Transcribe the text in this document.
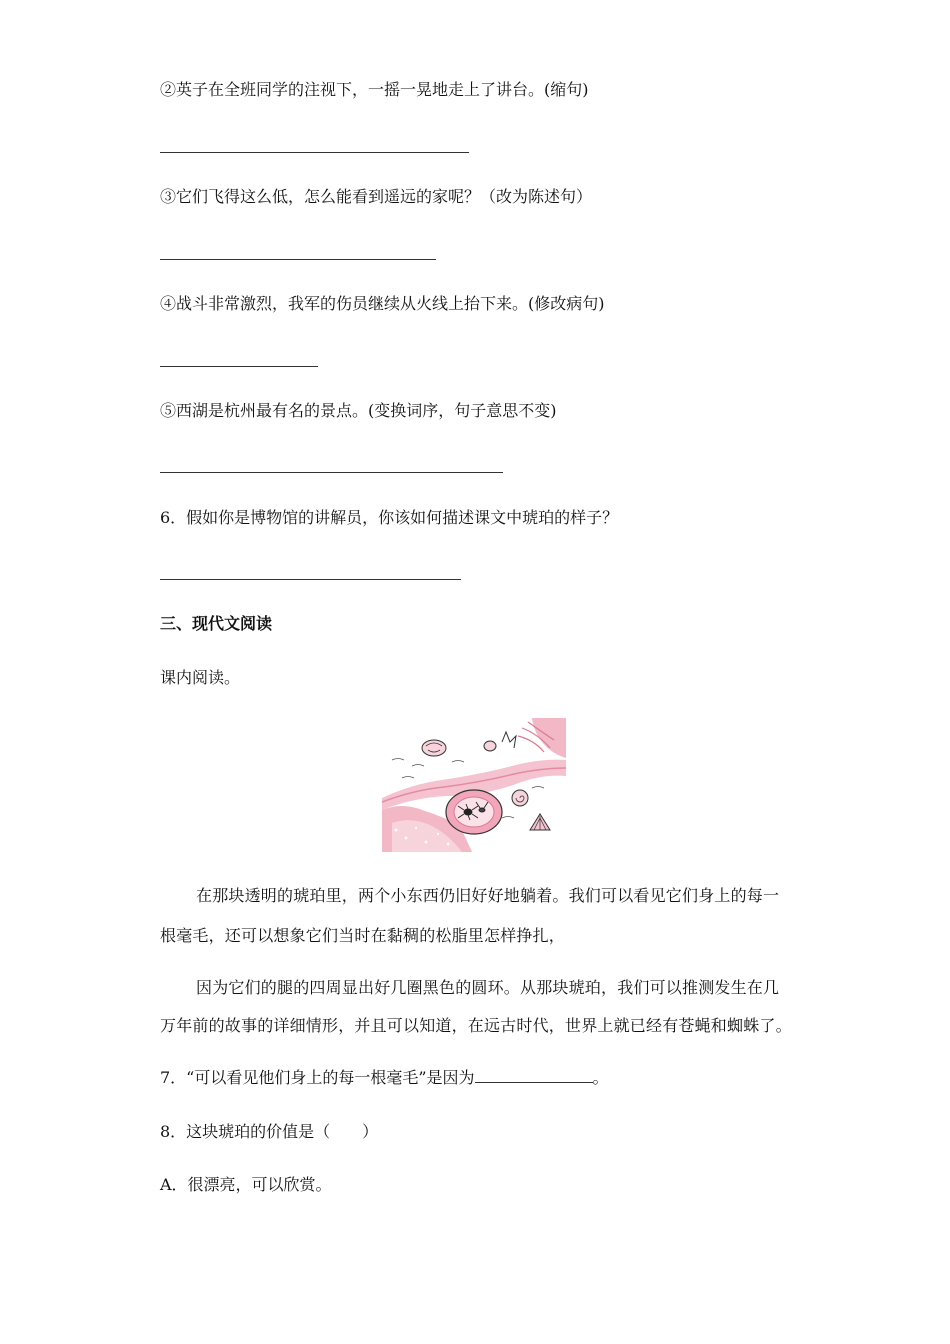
②英子在全班同学的注视下，一摇一晃地走上了讲台。(缩句)
③它们飞得这么低，怎么能看到遥远的家呢？（改为陈述句）
④战斗非常激烈，我军的伤员继续从火线上抬下来。(修改病句)
⑤西湖是杭州最有名的景点。(变换词序，句子意思不变)
6．假如你是博物馆的讲解员，你该如何描述课文中琥珀的样子？
三、现代文阅读
课内阅读。
在那块透明的琥珀里，两个小东西仍旧好好地躺着。我们可以看见它们身上的每一
根毫毛，还可以想象它们当时在黏稠的松脂里怎样挣扎，
因为它们的腿的四周显出好几圈黑色的圆环。从那块琥珀，我们可以推测发生在几
万年前的故事的详细情形，并且可以知道，在远古时代，世界上就已经有苍蝇和蜘蛛了。
7．“可以看见他们身上的每一根毫毛”是因为	。
8．这块琥珀的价值是（　　）
A．很漂亮，可以欣赏。
